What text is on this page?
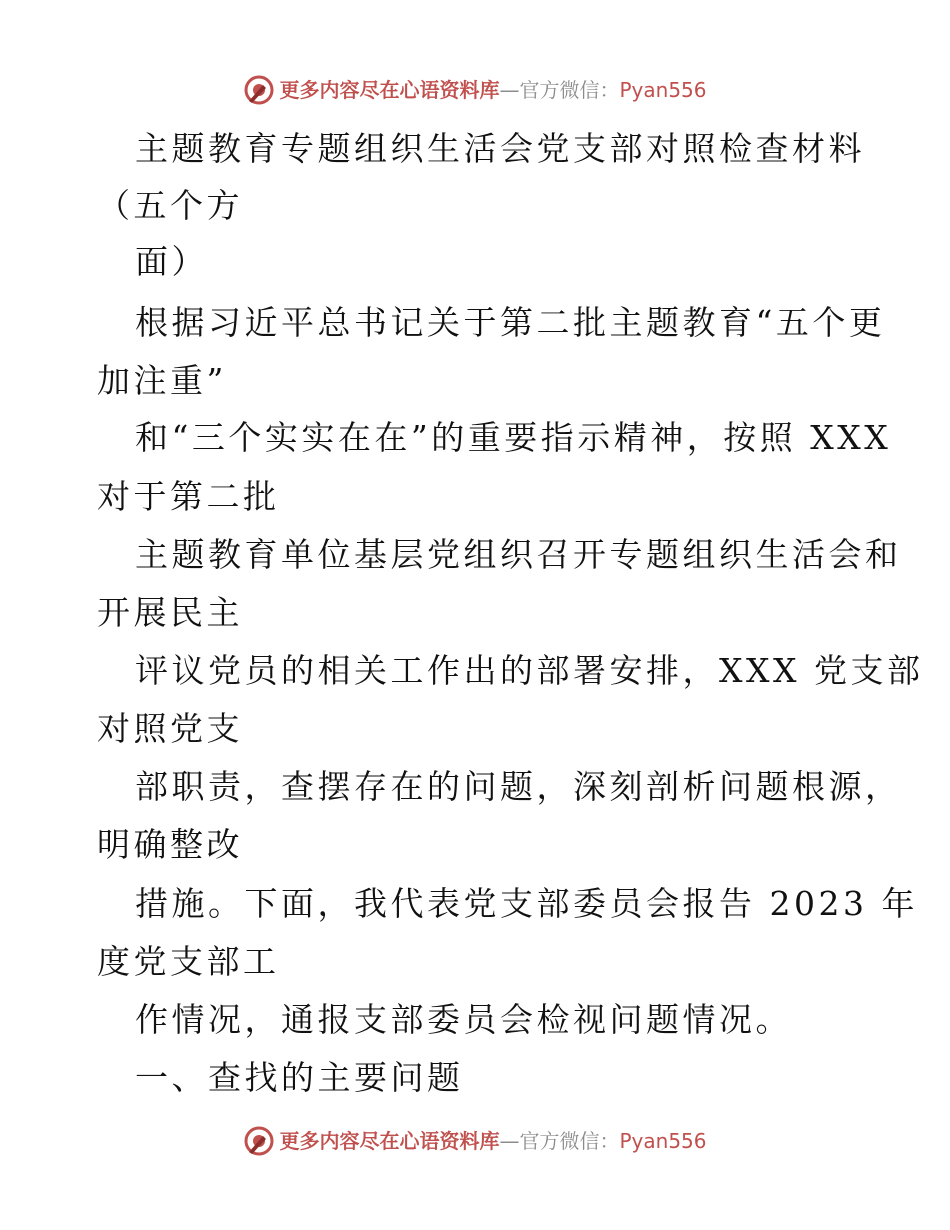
更多内容尽在心语资料库 —官方微信： Pyan556
主题教育专题组织生活会党支部对照检查材料
（五个方
面）
根据习近平总书记关于第二批主题教育“五个更
加注重”
和“三个实实在在”的重要指示精神，按照 XXX
对于第二批
主题教育单位基层党组织召开专题组织生活会和
开展民主
评议党员的相关工作出的部署安排，XXX 党支部
对照党支
部职责，查摆存在的问题，深刻剖析问题根源，
明确整改
措施。下面，我代表党支部委员会报告 2023 年
度党支部工
作情况，通报支部委员会检视问题情况。
一、查找的主要问题
更多内容尽在心语资料库 —官方微信： Pyan556
